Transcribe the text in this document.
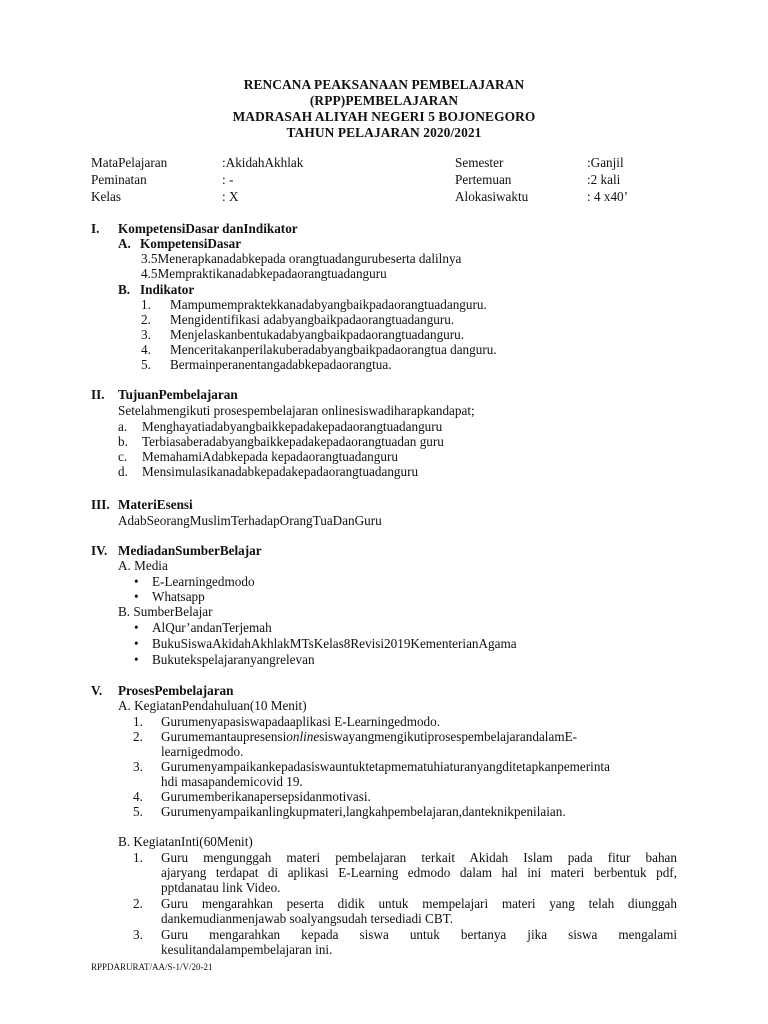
RENCANA PEAKSANAAN PEMBELAJARAN
(RPP)PEMBELAJARAN
MADRASAH ALIYAH NEGERI 5 BOJONEGORO
TAHUN PELAJARAN 2020/2021
MataPelajaran	:AkidahAkhlak	Semester	:Ganjil
Peminatan	: -	Pertemuan	:2 kali
Kelas	: X	Alokasiwaktu	: 4 x40’
I. KompetensiDasar danIndikator
A. KompetensiDasar
3.5Menerapkanadabkepada orangtuadangurubeserta dalilnya
4.5Mempraktikanadabkepadaorangtuadanguru
B. Indikator
1. Mampumempraktekkanadabyangbaikpadaorangtuadanguru.
2. Mengidentifikasi adabyangbaikpadaorangtuadanguru.
3. Menjelaskanbentukadabyangbaikpadaorangtuadanguru.
4. Menceritakanperilakuberadabyangbaikpadaorangtua danguru.
5. Bermainperanentangadabkepadaorangtua.
II. TujuanPembelajaran
Setelahmengikuti prosespembelajaran onlinesiswadiharapkandapat;
a. Menghayatiadabyangbaikkepadakepadaorangtuadanguru
b. Terbiasaberadabyangbaikkepadakepadaorangtuadan guru
c. MemahamiAdabkepada kepadaorangtuadanguru
d. Mensimulasikanadabkepadakepadaorangtuadanguru
III. MateriEsensi
AdabSeorangMuslimTerhadapOrangTuaDanGuru
IV. MediadanSumberBelajar
A. Media
• E-Learningedmodo
• Whatsapp
B. SumberBelajar
• AlQur’andanTerjemah
• BukuSiswaAkidahAkhlakMTsKelas8Revisi2019KementerianAgama
• Bukutekspelajaranyangrelevan
V. ProsesPembelajaran
A. KegiatanPendahuluan(10 Menit)
1. Gurumenyapasiswapadaaplikasi E-Learningedmodo.
2. GurumemantaupresensionlinesiswayangmengikutiprosespembelajarandalamE-
learnigedmodo.
3. Gurumenyampaikankepadasiswauntuktetapmematuhiaturanyangditetapkanpemerinta
hdi masapandemicovid 19.
4. Gurumemberikanapersepsidanmotivasi.
5. Gurumenyampaikanlingkupmateri,langkahpembelajaran,danteknikpenilaian.
B. KegiatanInti(60Menit)
1. Guru mengunggah materi pembelajaran terkait Akidah Islam pada fitur bahan
ajaryang terdapat di aplikasi E-Learning edmodo dalam hal ini materi berbentuk pdf,
pptdanatau link Video.
2. Guru mengarahkan peserta didik untuk mempelajari materi yang telah diunggah
dankemudianmenjawab soalyangsudah tersediadi CBT.
3. Guru mengarahkan kepada siswa untuk bertanya jika siswa mengalami
kesulitandalampembelajaran ini.
RPPDARURAT/AA/S-1/V/20-21
